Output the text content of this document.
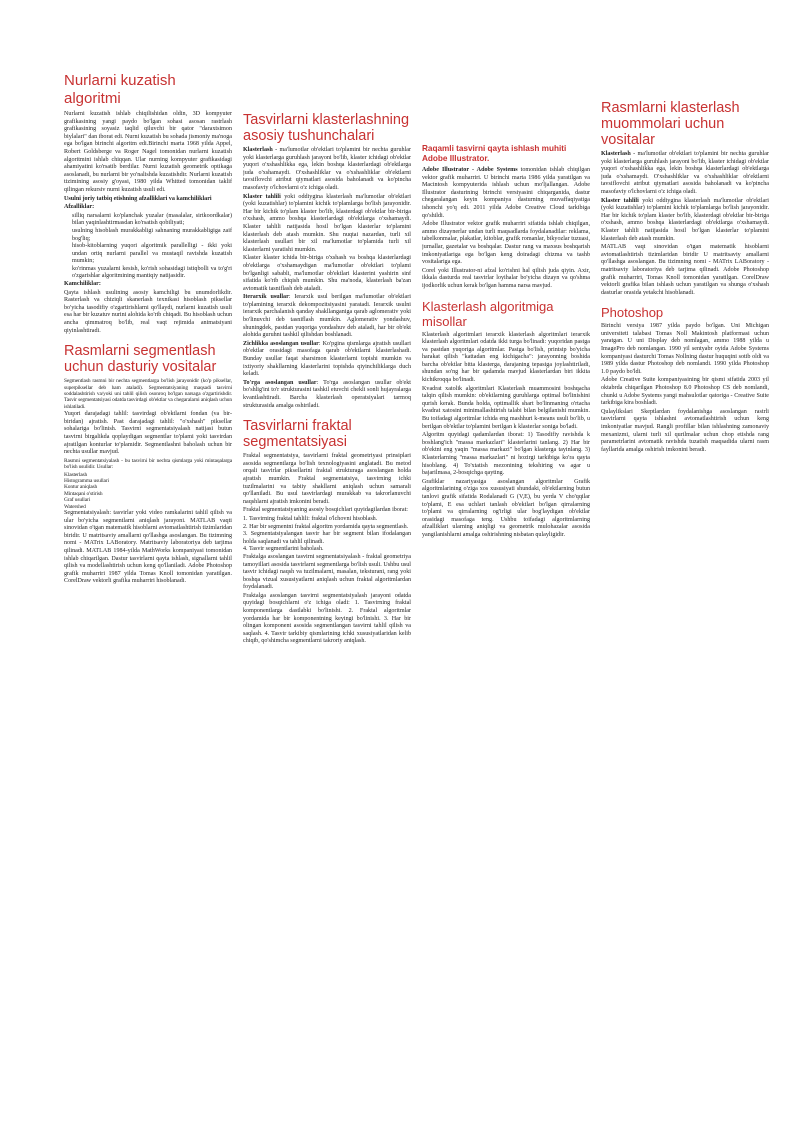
Nurlarni kuzatish algoritmi

Nurlarni kuzatish ishlab chiqilishidan oldin, 3D kompyuter grafikasining yangi paydo bo'lgan sohasi asosan rastrlash grafikasining soyasiz taqlid qiluvchi bir qator "daraxtsimon biylalari" dan iborat edi. Nurni kuzatish bu sohada jismoniy ma'noga ega bo'lgan birinchi algoritm edi.Birinchi marta 1968 yilda Appel, Robert Goldsberge va Roger Nagel tomonidan nurlarni kuzatish algoritmini ishlab chiqqan. Ular nurning kompyuter grafikasidagi ahamiyatini ko'rsatib berdilar. Nurni kuzatish geometrik optikaga asoslanadi, bu nurlarni bir yo'nalishda kuzatishdir. Nurlarni kuzatish tizimining asosiy g'oyasi, 1980 yilda Whitted tomonidan taklif qilingan rekursiv nurni kuzatish usuli edi.

Usulni joriy tatbiq etishning afzalliklari va kamchiliklari

Afzalliklar:

• silliq narsalarni ko'planchak yuzalar (masalalar, sirtkoordkalar) bilan yaqinlashtirmasdan ko'rsatish qobiliyati;
• usulning hisoblash murakkabligi sahnaning murakkabligiga zaif bog'liq;
• hisob-kitoblarning yuqori algoritmik parallelligi - ikki yoki undan ortiq nurlarni parallel va mustaqil ravishda kuzatish mumkin;
• ko'rinmas yuzalarni kesish, ko'rish sohasidagi istiqbolli va to'g'ri o'zgarishlar algoritmining mantiqiy natijasidir.

Kamchiliklar:

Qayta ishlash usulining asosiy kamchiligi bu unumdorlikdir. Rasterlash va chiziqli skanerlash texnikasi hisoblash piksellar bo'yicha tasodifiy o'zgartirishlarni qo'llaydi, nurlarni kuzatish usuli esa har bir kuzatuv nurini alohida ko'rib chiqadi. Bu hisoblash uchun ancha qimmatroq bo'lib, real vaqt rejimida animatsiyani qiyinlashtiradi.

Rasmlarni segmentlash uchun dasturiy vositalar

Segmentlash rasmni bir nechta segmentlarga bo'lish jarayonidir (ko'p piksellar, superpiksellar deb ham ataladi). Segmentatsiyaning maqsadi tasvirni soddalashtirish va/yoki uni tahlil qilish osonroq bo'lgan narsaga o'zgartirishdir. Tasvir segmentatsiyasi odatda tasvirdagi ob'ektlar va chegaralarni aniqlash uchun ishlatiladi.

Yuqori darajadagi tahlil: tasvirdagi ob'ektlarni fondan (va bir-biridan) ajratish. Past darajadagi tahlil: "o'xshash" piksellar sohalariga bo'linish. Tasvirni segmentatsiyalash natijasi butun tasvirni birgalikda qoplaydigan segmentlar to'plami yoki tasvirdan ajratilgan konturlar to'plamidir. Segmentlashni baholash uchun bir nechta usullar mavjud.

Rasmni segmentatsiyalash - bu tasvirni bir nechta qismlarga yoki mintaqalarga bo'lish usulidir. Usullar:

Klasterlash
Histogramma usullari
Kontur aniqlash
Mintaqani o'stirish
Graf usullari
Watershed

Segmentatsiyalash: tasvirlar yoki video ramkalarini tahlil qilish va ular bo'yicha segmentlarni aniqlash jarayoni. MATLAB vaqti sinovidan o'tgan matematik hisoblarni avtomatlashtirish tizimlaridan biridir. U matritsaviy amallarni qo'llashga asoslangan. Bu tizimning nomi - MATrix LABoratory. Matritsaviy laboratoriya deb tarjima qilinadi. MATLAB 1984-yilda MathWorks kompaniyasi tomonidan ishlab chiqarilgan. Dastur tasvirlarni qayta ishlash, signallarni tahlil qilish va modellashtirish uchun keng qo'llaniladi. Adobe Photoshop grafik muharriri 1987 yilda Tomas Knoll tomonidan yaratilgan. CorelDraw vektorli grafika muharriri hisoblanadi.

Tasvirlarni klasterlashning asosiy tushunchalari

Klasterlash - ma'lumotlar ob'ektlari to'plamini bir nechta guruhlar yoki klasterlarga guruhlash jarayoni bo'lib, klaster ichidagi ob'ektlar yuqori o'xshashlikka ega, lekin boshqa klasterlardagi ob'ektlarga juda o'xshamaydi. O'xshashliklar va o'xshashliklar ob'ektlarni tavsiflovchi atribut qiymatlari asosida baholanadi va ko'pincha masofaviy o'lchovlarni o'z ichiga oladi.

Klaster tahlili yoki oddiygina klasterlash ma'lumotlar ob'ektlari (yoki kuzatishlar) to'plamini kichik to'plamlarga bo'lish jarayonidir. Har bir kichik to'plam klaster bo'lib, klasterdagi ob'ektlar bir-biriga o'xshash, ammo boshqa klasterlardagi ob'ektlarga o'xshamaydi. Klaster tahlili natijasida hosil bo'lgan klasterlar to'plamini klasterlash deb atash mumkin. Shu nuqtai nazardan, turli xil klasterlash usullari bir xil ma'lumotlar to'plamida turli xil klasterlarni yaratishi mumkin.

Klaster klaster ichida bir-biriga o'xshash va boshqa klasterlardagi ob'ektlarga o'xshamaydigan ma'lumotlar ob'ektlari to'plami bo'lganligi sababli, ma'lumotlar ob'ektlari klasterini yashirin sinf sifatida ko'rib chiqish mumkin. Shu ma'noda, klasterlash ba'zan avtomatik tasniflash deb ataladi.

Iterarxik usullar: Ierarxik usul berilgan ma'lumotlar ob'ektlari to'plamining ierarxik dekompozitsiyasini yaratadi. Ierarxik usulni ierarxik parchalanish qanday shakllanganiga qarab aglomerativ yoki bo'linuvchi deb tasniflash mumkin. Aglomerativ yondashuv, shuningdek, pastdan yuqoriga yondashuv deb ataladi, har bir ob'ekt alohida guruhni tashkil qilishdan boshlanadi.

Zichlikka asoslangan usullar: Ko'pgina qismlarga ajratish usullari ob'ektlar orasidagi masofaga qarab ob'ektlarni klasterlashadi. Bunday usullar faqat sharsimon klasterlarni topishi mumkin va ixtiyoriy shakllarning klasterlarini topishda qiyinchiliklarga duch keladi.

To'rga asoslangan usullar: To'rga asoslangan usullar ob'ekt bo'shlig'ini to'r strukturasini tashkil etuvchi chekli sonli hujayralarga kvantlashtiradi. Barcha klasterlash operatsiyalari tarmoq strukturasida amalga oshiriladi.

Tasvirlarni fraktal segmentatsiyasi

Fraktal segmentatsiya, tasvirlarni fraktal geometriyasi prinsiplari asosida segmentlarga bo'lish texnologiyasini anglatadi. Bu metod orqali tasvirlar piksellarini fraktal strukturaga asoslangan holda ajratish mumkin. Fraktal segmentatsiya, tasvirning ichki tuzilmalarini va tabiiy shakllarni aniqlash uchun samarali qo'llaniladi. Bu usul tasvirlardagi murakkab va takrorlanuvchi naqshlarni ajratish imkonini beradi.

Fraktal segmentatsiyaning asosiy bosqichlari quyidagilardan iborat:

1. Tasvirning fraktal tahlili: fraktal o'lchovni hisoblash.
2. Har bir segmentni fraktal algoritm yordamida qayta segmentlash.
3. Segmentatsiyalangan tasvir har bir segment bilan ifodalangan holda saqlanadi va tahlil qilinadi.
4. Tasvir segmentlarini baholash.

Fraktalga asoslangan tasvirni segmentatsiyalash - fraktal geometriya tamoyillari asosida tasvirlarni segmentlarga bo'lish usuli. Ushbu usul tasvir ichidagi naqsh va tuzilmalarni, masalan, teksturani, rang yoki boshqa vizual xususiyatlarni aniqlash uchun fraktal algoritmlardan foydalanadi.

Fraktalga asoslangan tasvirni segmentatsiyalash jarayoni odatda quyidagi bosqichlarni o'z ichiga oladi: 1. Tasvirning fraktal komponentlarga dastlabki bo'linishi. 2. Fraktal algoritmlar yordamida har bir komponentning keyingi bo'linishi. 3. Har bir olingan komponent asosida segmentlangan tasvirni tahlil qilish va saqlash. 4. Tasvir tarkibiy qismlarining ichki xususiyatlaridan kelib chiqib, qo'shimcha segmentlarni takroriy aniqlash.

Raqamli tasvirni qayta ishlash muhiti Adobe Illustrator.

Adobe Illustrator - Adobe Systems tomonidan ishlab chiqilgan vektor grafik muharriri. U birinchi marta 1986 yilda yaratilgan va Macintosh kompyuterida ishlash uchun mo'ljallangan. Adobe Illustrator dasturining birinchi versiyasini chiqarganida, dastur chegaralangan keyin kompaniya dasturning muvaffaqiyatiga ishonchi yo'q edi. 2011 yilda Adobe Creative Cloud tarkibiga qo'shildi.

Adobe Illustrator vektor grafik muharriri sifatida ishlab chiqilgan, ammo dizaynerlar undan turli maqsadlarda foydalanadilar: reklama, tabelkonmalar, plakatlar, kitoblar, grafik romanlar, bikyozlar tuzuasi, jurnallar, gazetalar va boshqalar. Dastur rang va maxsus boshqarish imkoniyatlariga ega bo'lgan keng doiradagi chizma va tashb vositalariga ega.

Corel yoki Illustrator-ni afzal ko'rishni hal qilish juda qiyin. Axir, ikkala dasturda real tasvirlar loyihalar bo'yicha dizayn va qo'shma ijodkorlik uchun kerak bo'lgan hamma narsa mavjud.

Klasterlash algoritmiga misollar

Klasterlash algoritmlari ierarxik klasterlash algoritmlari ierarxik klasterlash algoritmlari odatda ikki turga bo'linadi: yuqoridan pastga va pastdan yuqoriga algoritmlar. Pastga bo'lish, printsip bo'yicha harakat qilish "kattadan eng kichigacha": jarayonning boshida barcha ob'ektlar bitta klasterga, darajaning tepasiga joylashtiriladi, shundan so'ng har bir qadamda mavjud klasterlardan biri ikkita kichikroqqa bo'linadi.

Kvadrat xatolik algoritmlari Klasterlash muammosini boshqacha talqin qilish mumkin: ob'ektlarning guruhlarga optimal bo'linishini qurish kerak. Bunda holda, optimallik shart bo'linmaning o'rtacha kvadrat xatosini minimallashtirish talabi bilan belgilanishi mumkin. Bu toifadagi algoritmlar ichida eng mashhuri k-means usuli bo'lib, u berilgan ob'ektlar to'plamini berilgan k klasterlar soniga bo'ladi.

Algoritm quyidagi qadamlardan iborat: 1) Tasodifiy ravishda k boshlang'ich "massa markazlari" klasterlarini tanlang. 2) Har bir ob'ektni eng yaqin "massa markazi" bo'lgan klasterga tayinlang. 3) Klasterlarning "massa markazlari" ni hozirgi tarkibiga ko'ra qayta hisoblang. 4) To'xtatish mezonining tekshiring va agar u bajarilmasa, 2-bosqichga qayting.

Grafiklar nazariyasiga asoslangan algoritmlar Grafik algoritmlarining o'ziga xos xususiyati shundaki, ob'ektlarning butun tanlovi grafik sifatida Rodalanadi G (V,E), bu yerda V cho'qqilar to'plami, E esa uchlari tanlash ob'ektlari bo'lgan qirralarning to'plami va qirralarning og'irligi ular bog'laydigan ob'ektlar orasidagi masofaga teng. Ushbu toifadagi algoritmlarning afzalliklari ularning aniqligi va geometrik mulohazalar asosida yangilanishlarni amalga oshirishning nisbatan qulayligidir.

Rasmlarni klasterlash muommolari uchun vositalar

Klasterlash - ma'lumotlar ob'ektlari to'plamini bir nechta guruhlar yoki klasterlarga guruhlash jarayoni bo'lib, klaster ichidagi ob'ektlar yuqori o'xshashlikka ega, lekin boshqa klasterlardagi ob'ektlarga juda o'xshamaydi. O'xshashliklar va o'xshashliklar ob'ektlarni tavsiflovchi atribut qiymatlari asosida baholanadi va ko'pincha masofaviy o'lchovlarni o'z ichiga oladi.

Klaster tahlili yoki oddiygina klasterlash ma'lumotlar ob'ektlari (yoki kuzatishlar) to'plamini kichik to'plamlarga bo'lish jarayonidir. Har bir kichik to'plam klaster bo'lib, klasterdagi ob'ektlar bir-biriga o'xshash, ammo boshqa klasterlardagi ob'ektlarga o'xshamaydi. Klaster tahlili natijasida hosil bo'lgan klasterlar to'plamini klasterlash deb atash mumkin.

MATLAB vaqt sinovidan o'tgan matematik hisoblarni avtomatlashtirish tizimlaridan biridir U matritsaviy amallarni qo'llashga asoslangan. Bu tizimning nomi - MATrix LABoratory - matritsaviy laboratoriya deb tarjima qilinadi. Adobe Photoshop grafik muharriri, Tomas Knoll tomonidan yaratilgan. CorelDraw vektorli grafika bilan ishlash uchun yaratilgan va shunga o'xshash dasturlar orasida yetakchi hisoblanadi.

Photoshop

Birinchi versiya 1987 yilda paydo bo'lgan. Uni Michigan universiteti talabasi Tomas Noll Makintosh platformasi uchun yaratgan. U uni Display deb nomlagan, ammo 1988 yilda u ImagePro deb nomlangan. 1990 yil sentyabr oyida Adobe Systems kompaniyasi dasturchi Tomas Nollning dastur huquqini sotib oldi va 1989 yilda dastur Photoshop deb nomlandi. 1990 yilda Photoshop 1.0 paydo bo'ldi.

Adobe Creative Suite kompaniyasining bir qismi sifatida 2003 yil oktabrda chiqarilgan Photoshop 8.0 Photoshop CS deb nomlandi, chunki u Adobe Systems yangi mahsulotlar qatoriga - Creative Suite tarkibiga kira boshladi.

Qulaylikslari Skeptlardan foydalanishga asoslangan rastrli tasvirlarni qayta ishlashni avtomatlashtirish uchun keng imkoniyatlar mavjud. Rangli profillar bilan ishlashning zamonaviy mexanizmi, ularni turli xil qurilmalar uchun chop etishda rang parametrlarini avtomatik ravishda tuzatish maqsadida ularni rasm fayllarida amalga oshirish imkonini beradi.
